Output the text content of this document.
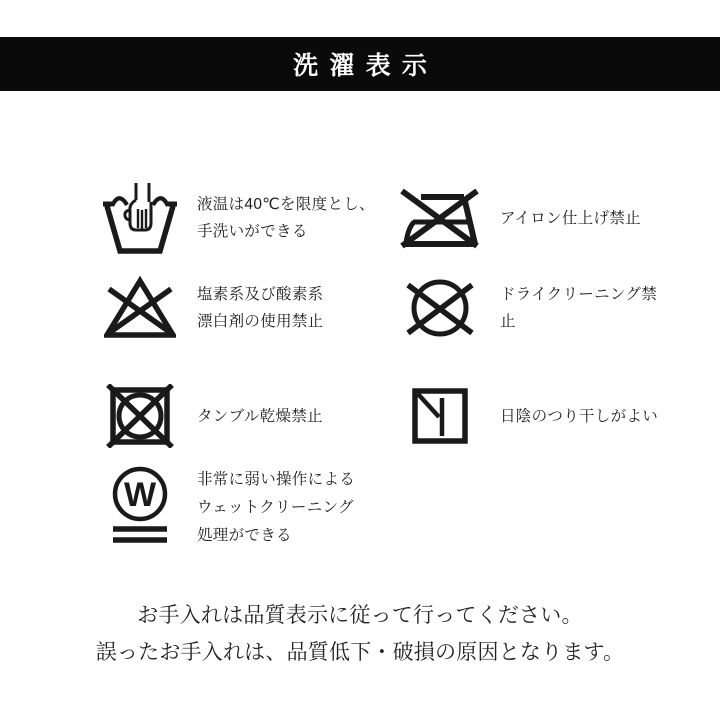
洗濯表示
液温は40℃を限度とし、
手洗いができる
アイロン仕上げ禁止
塩素系及び酸素系
漂白剤の使用禁止
ドライクリーニング禁止
タンブル乾燥禁止	日陰のつり干しがよい
W	非常に弱い操作による
ウェットクリーニング
処理ができる
お手入れは品質表示に従って行ってください。
誤ったお手入れは、品質低下・破損の原因となります。
